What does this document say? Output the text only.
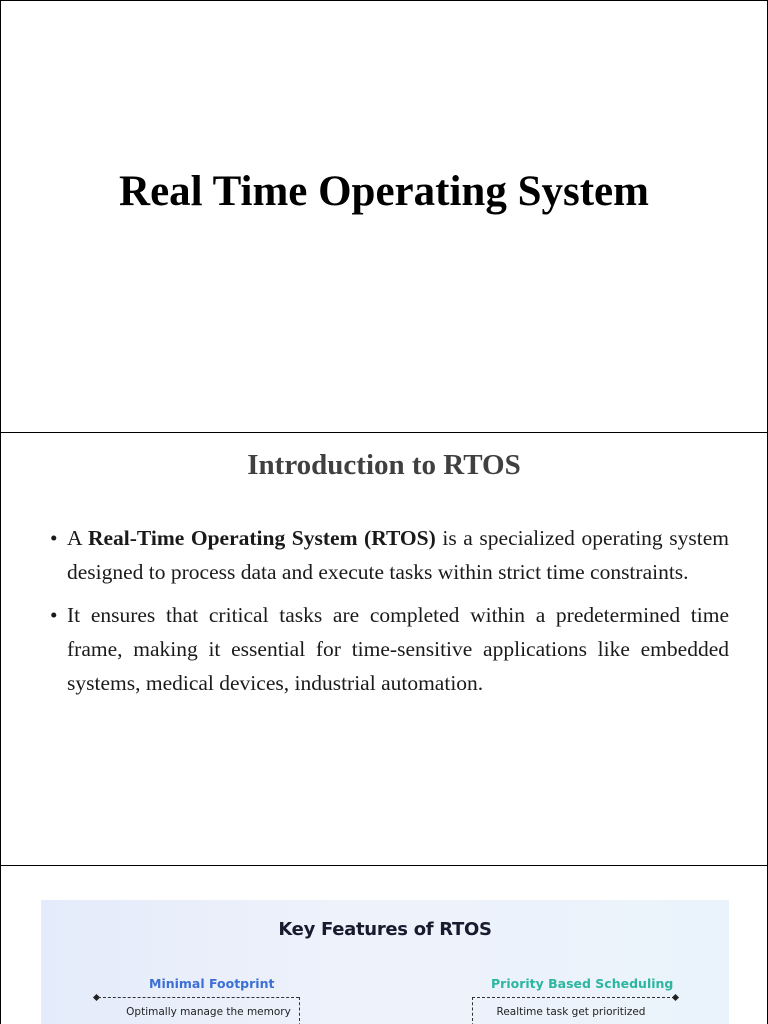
Real Time Operating System
Introduction to RTOS
• A Real-Time Operating System (RTOS) is a specialized operating system designed to process data and execute tasks within strict time constraints.
• It ensures that critical tasks are completed within a predetermined time frame, making it essential for time-sensitive applications like embedded systems, medical devices, industrial automation.
Key Features of RTOS
Minimal Footprint
Optimally manage the memory
Priority Based Scheduling
Realtime task get prioritized
